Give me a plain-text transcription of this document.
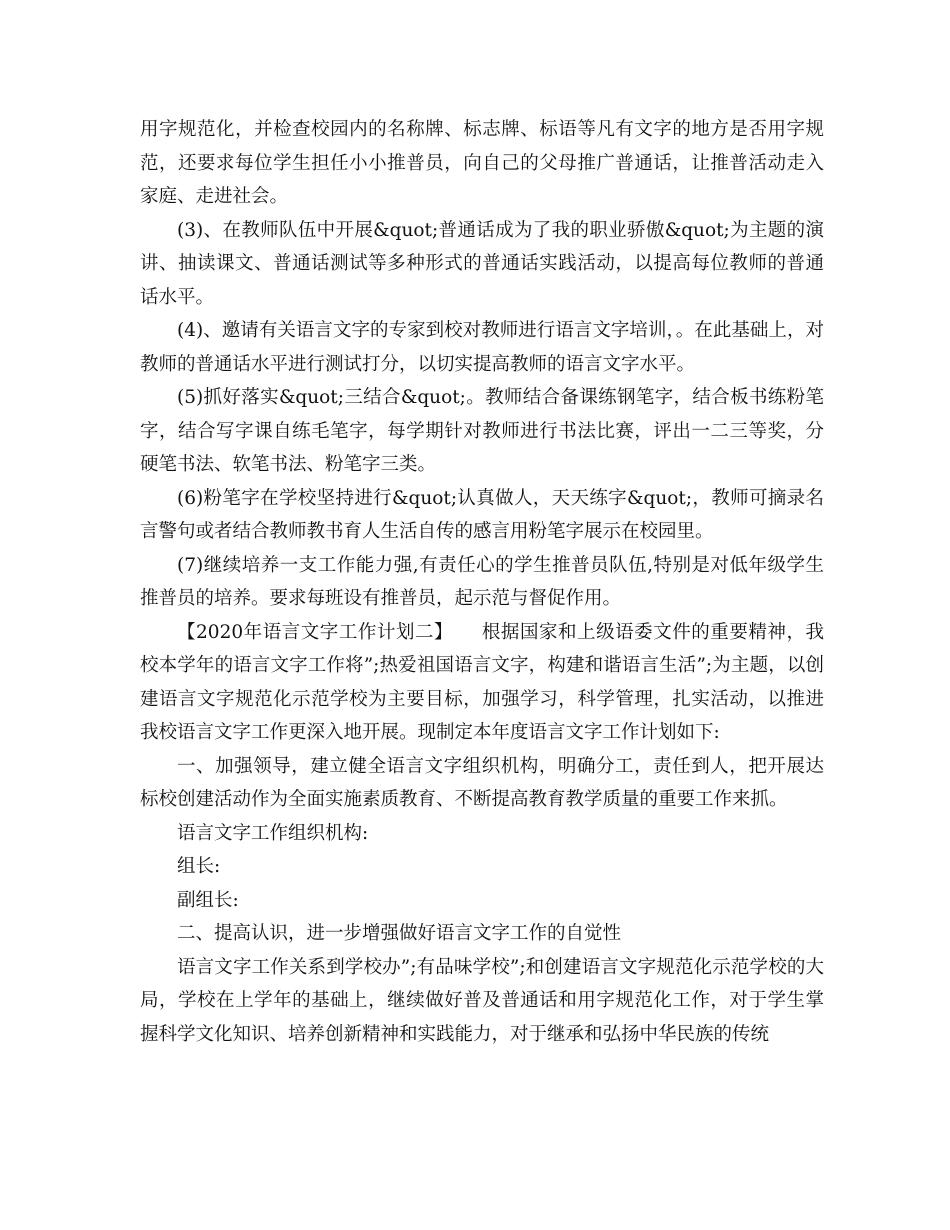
用字规范化，并检查校园内的名称牌、标志牌、标语等凡有文字的地方是否用字规范，还要求每位学生担任小小推普员，向自己的父母推广普通话，让推普活动走入家庭、走进社会。

(3)、在教师队伍中开展&quot;普通话成为了我的职业骄傲&quot;为主题的演讲、抽读课文、普通话测试等多种形式的普通话实践活动，以提高每位教师的普通话水平。

(4)、邀请有关语言文字的专家到校对教师进行语言文字培训，。在此基础上，对教师的普通话水平进行测试打分，以切实提高教师的语言文字水平。

(5)抓好落实&quot;三结合&quot;。教师结合备课练钢笔字，结合板书练粉笔字，结合写字课自练毛笔字，每学期针对教师进行书法比赛，评出一二三等奖，分硬笔书法、软笔书法、粉笔字三类。

(6)粉笔字在学校坚持进行&quot;认真做人，天天练字&quot;，教师可摘录名言警句或者结合教师教书育人生活自传的感言用粉笔字展示在校园里。

(7)继续培养一支工作能力强,有责任心的学生推普员队伍,特别是对低年级学生推普员的培养。要求每班设有推普员，起示范与督促作用。

【2020年语言文字工作计划二】　　根据国家和上级语委文件的重要精神，我校本学年的语言文字工作将”;热爱祖国语言文字，构建和谐语言生活”;为主题，以创建语言文字规范化示范学校为主要目标，加强学习，科学管理，扎实活动，以推进我校语言文字工作更深入地开展。现制定本年度语言文字工作计划如下:

一、加强领导，建立健全语言文字组织机构，明确分工，责任到人，把开展达标校创建活动作为全面实施素质教育、不断提高教育教学质量的重要工作来抓。

语言文字工作组织机构:

组长:

副组长:

二、提高认识，进一步增强做好语言文字工作的自觉性

语言文字工作关系到学校办”;有品味学校”;和创建语言文字规范化示范学校的大局，学校在上学年的基础上，继续做好普及普通话和用字规范化工作，对于学生掌握科学文化知识、培养创新精神和实践能力，对于继承和弘扬中华民族的传统
